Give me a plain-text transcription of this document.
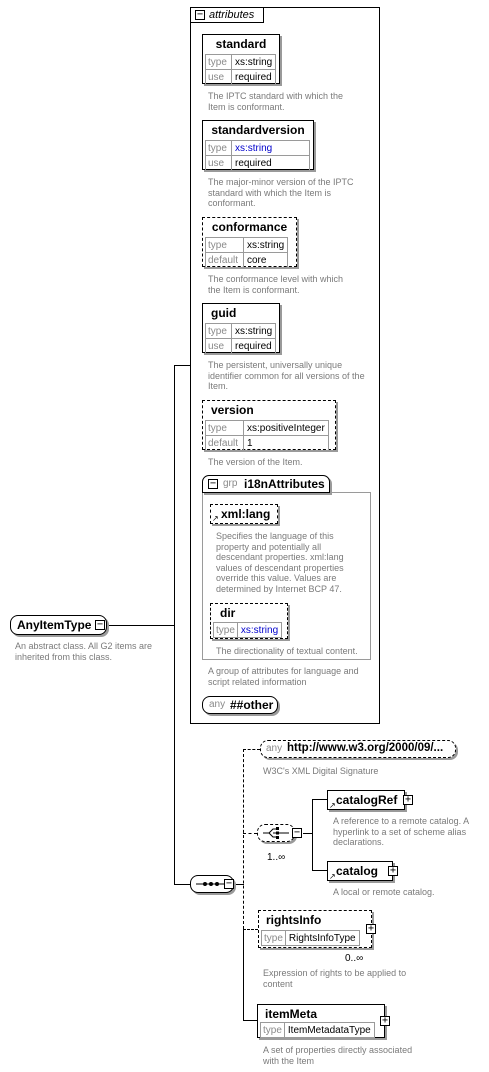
AnyItemType −
An abstract class. All G2 items are inherited from this class.
− attributes
standard
type	xs:string
use	required
The IPTC standard with which the Item is conformant.
standardversion
type	xs:string
use	required
The major-minor version of the IPTC standard with which the Item is conformant.
conformance
type	xs:string
default	core
The conformance level with which the Item is conformant.
guid
type	xs:string
use	required
The persistent, universally unique identifier common for all versions of the Item.
version
type	xs:positiveInteger
default	1
The version of the Item.
− grp i18nAttributes
↗ xml:lang
Specifies the language of this property and potentially all descendant properties. xml:lang values of descendant properties override this value. Values are determined by Internet BCP 47.
dir
type	xs:string
The directionality of textual content.
A group of attributes for language and script related information
any ##other
−
any http://www.w3.org/2000/09/...
W3C's XML Digital Signature
−
1..∞
↗ catalogRef +
A reference to a remote catalog. A hyperlink to a set of scheme alias declarations.
↗ catalog +
A local or remote catalog.
rightsInfo
type	RightsInfoType
+
0..∞
Expression of rights to be applied to content
itemMeta
type	ItemMetadataType
+
A set of properties directly associated with the Item
